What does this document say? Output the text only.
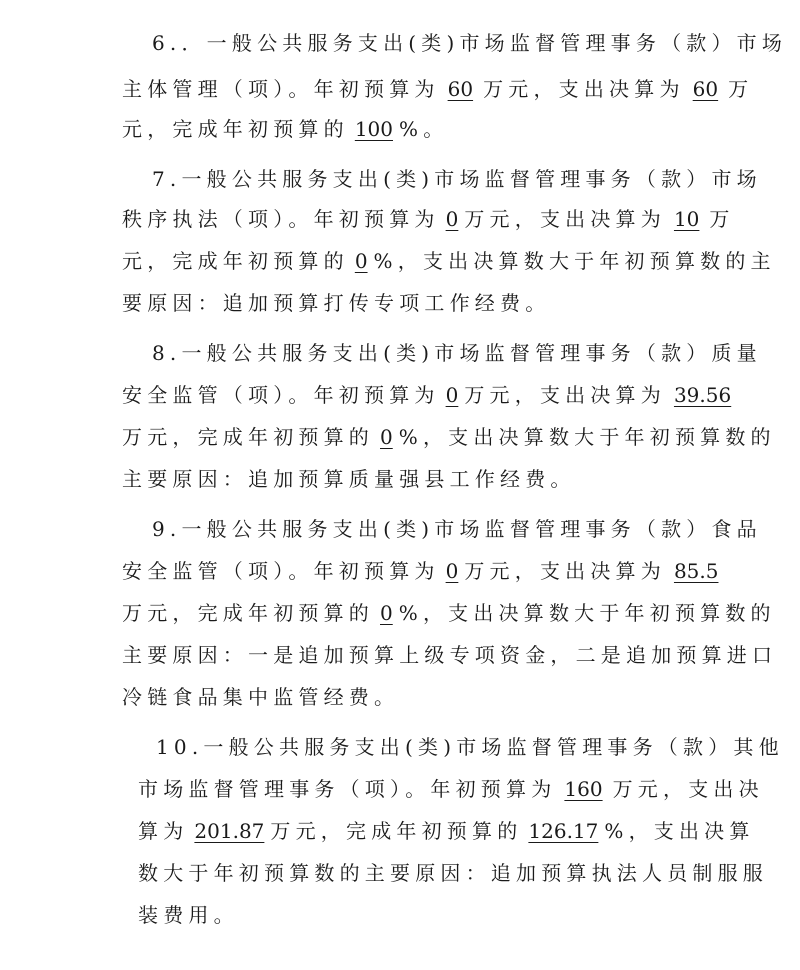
6.．一般公共服务支出(类)市场监督管理事务（款）市场
主体管理（项）。年初预算为 60 万元，支出决算为 60 万
元，完成年初预算的 100 %。
7.一般公共服务支出(类)市场监督管理事务（款）市场
秩序执法（项）。年初预算为 0 万元，支出决算为 10 万
元，完成年初预算的 0 %，支出决算数大于年初预算数的主
要原因：追加预算打传专项工作经费。
8.一般公共服务支出(类)市场监督管理事务（款）质量
安全监管（项）。年初预算为 0 万元，支出决算为 39.56
万元，完成年初预算的 0 %，支出决算数大于年初预算数的
主要原因：追加预算质量强县工作经费。
9.一般公共服务支出(类)市场监督管理事务（款）食品
安全监管（项）。年初预算为 0 万元，支出决算为 85.5
万元，完成年初预算的 0 %，支出决算数大于年初预算数的
主要原因：一是追加预算上级专项资金，二是追加预算进口
冷链食品集中监管经费。
10.一般公共服务支出(类)市场监督管理事务（款）其他
市场监督管理事务（项）。年初预算为 160 万元，支出决
算为 201.87 万元，完成年初预算的 126.17 %，支出决算
数大于年初预算数的主要原因：追加预算执法人员制服服
装费用。
